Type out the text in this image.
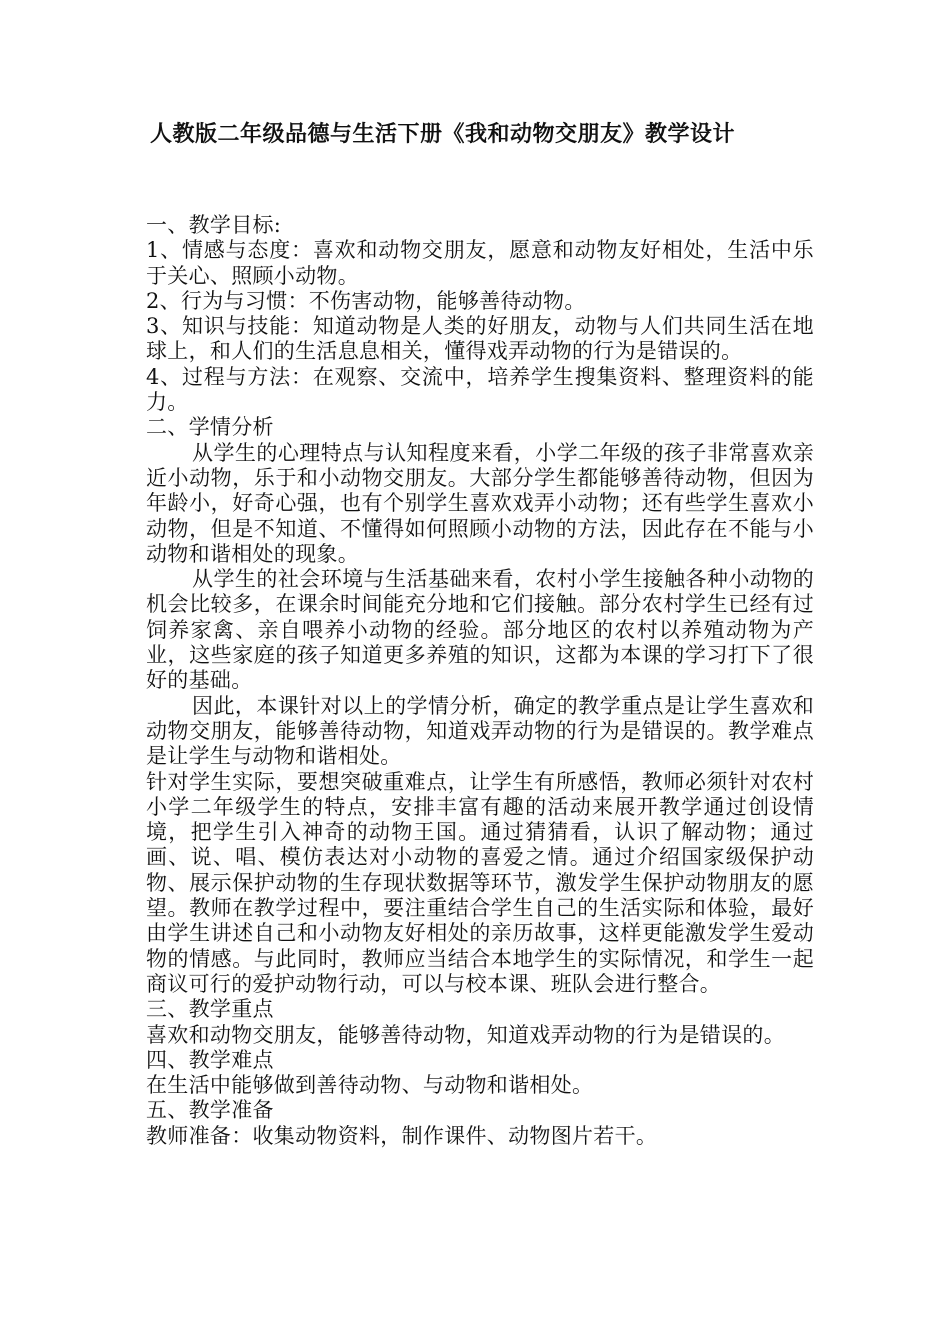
人教版二年级品德与生活下册《我和动物交朋友》教学设计

一、教学目标:

1、情感与态度：喜欢和动物交朋友，愿意和动物友好相处，生活中乐于关心、照顾小动物。

2、行为与习惯：不伤害动物，能够善待动物。

3、知识与技能：知道动物是人类的好朋友，动物与人们共同生活在地球上，和人们的生活息息相关，懂得戏弄动物的行为是错误的。

4、过程与方法：在观察、交流中，培养学生搜集资料、整理资料的能力。

二、学情分析

从学生的心理特点与认知程度来看，小学二年级的孩子非常喜欢亲近小动物，乐于和小动物交朋友。大部分学生都能够善待动物，但因为年龄小，好奇心强，也有个别学生喜欢戏弄小动物；还有些学生喜欢小动物，但是不知道、不懂得如何照顾小动物的方法，因此存在不能与小动物和谐相处的现象。

从学生的社会环境与生活基础来看，农村小学生接触各种小动物的机会比较多，在课余时间能充分地和它们接触。部分农村学生已经有过饲养家禽、亲自喂养小动物的经验。部分地区的农村以养殖动物为产业，这些家庭的孩子知道更多养殖的知识，这都为本课的学习打下了很好的基础。

因此，本课针对以上的学情分析，确定的教学重点是让学生喜欢和动物交朋友，能够善待动物，知道戏弄动物的行为是错误的。教学难点是让学生与动物和谐相处。

针对学生实际，要想突破重难点，让学生有所感悟，教师必须针对农村小学二年级学生的特点，安排丰富有趣的活动来展开教学通过创设情境，把学生引入神奇的动物王国。通过猜猜看，认识了解动物；通过画、说、唱、模仿表达对小动物的喜爱之情。通过介绍国家级保护动物、展示保护动物的生存现状数据等环节，激发学生保护动物朋友的愿望。教师在教学过程中，要注重结合学生自己的生活实际和体验，最好由学生讲述自己和小动物友好相处的亲历故事，这样更能激发学生爱动物的情感。与此同时，教师应当结合本地学生的实际情况，和学生一起商议可行的爱护动物行动，可以与校本课、班队会进行整合。

三、教学重点

喜欢和动物交朋友，能够善待动物，知道戏弄动物的行为是错误的。

四、教学难点

在生活中能够做到善待动物、与动物和谐相处。

五、教学准备

教师准备：收集动物资料，制作课件、动物图片若干。
